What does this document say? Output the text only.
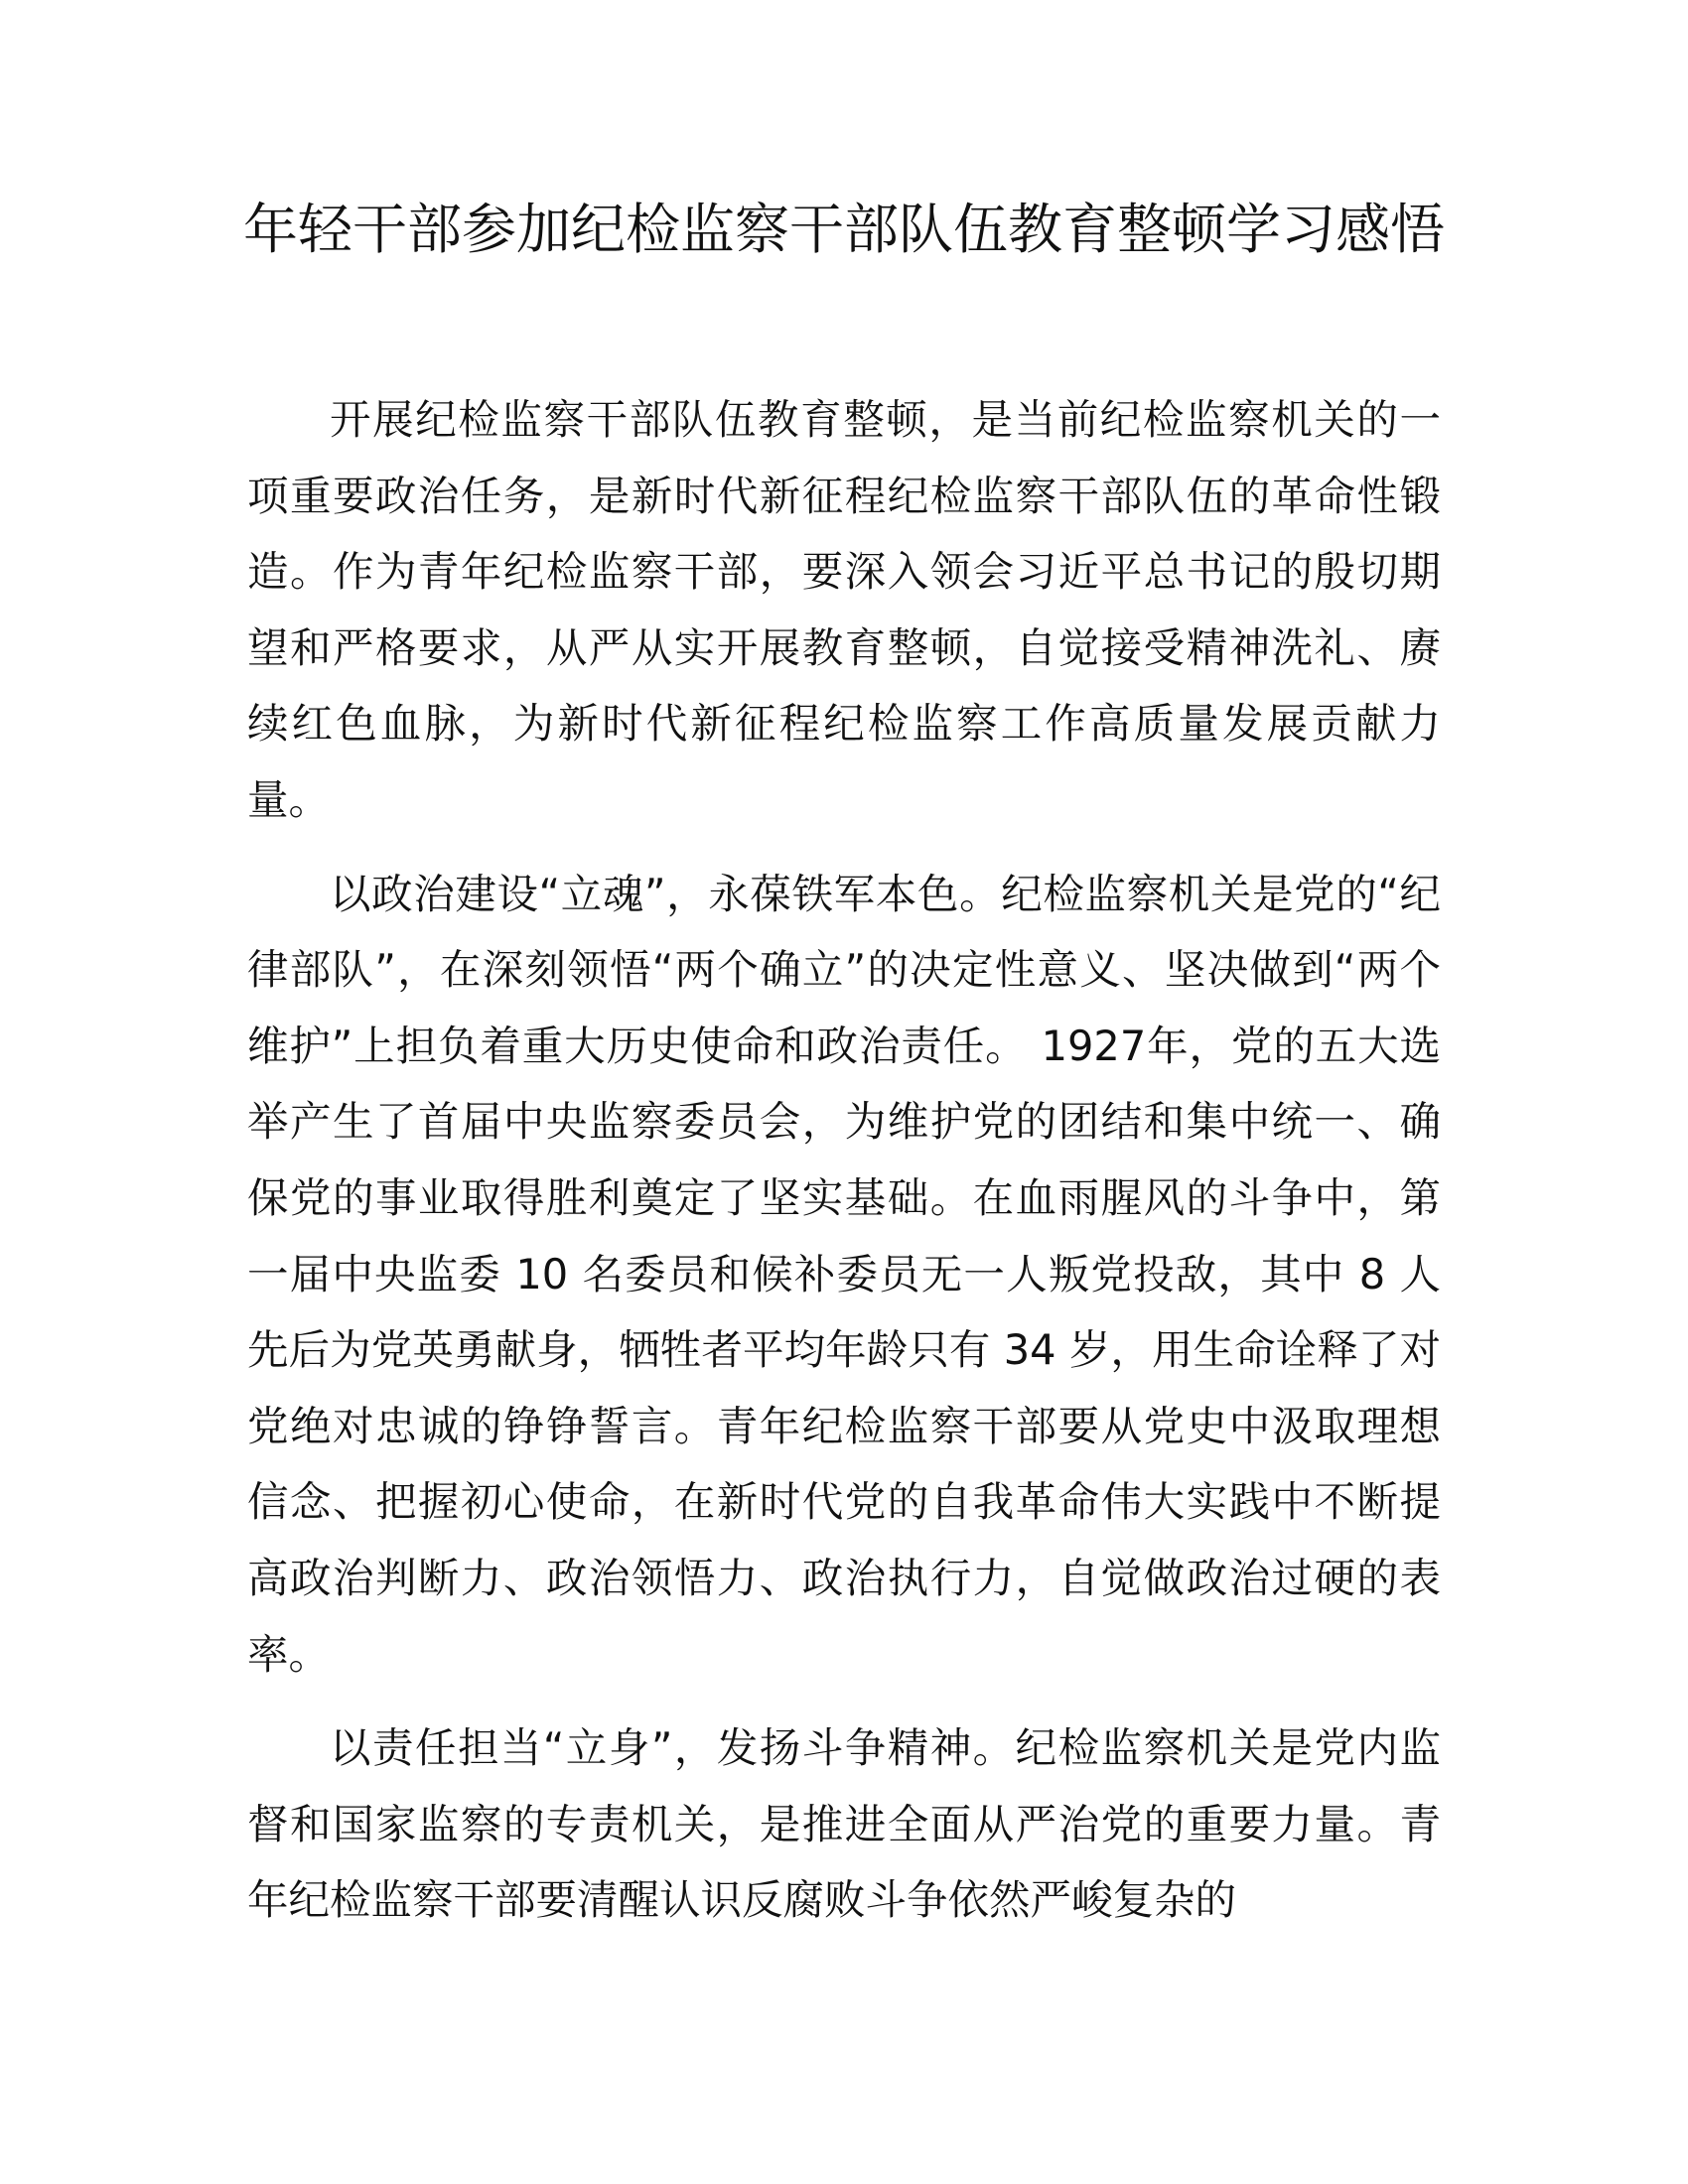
年轻干部参加纪检监察干部队伍教育整顿学习感悟

开展纪检监察干部队伍教育整顿，是当前纪检监察机关的一项重要政治任务，是新时代新征程纪检监察干部队伍的革命性锻造。作为青年纪检监察干部，要深入领会习近平总书记的殷切期望和严格要求，从严从实开展教育整顿，自觉接受精神洗礼、赓续红色血脉，为新时代新征程纪检监察工作高质量发展贡献力量。

以政治建设“立魂”，永葆铁军本色。纪检监察机关是党的“纪律部队”，在深刻领悟“两个确立”的决定性意义、坚决做到“两个维护”上担负着重大历史使命和政治责任。 1927年，党的五大选举产生了首届中央监察委员会，为维护党的团结和集中统一、确保党的事业取得胜利奠定了坚实基础。在血雨腥风的斗争中，第一届中央监委 10 名委员和候补委员无一人叛党投敌，其中 8 人先后为党英勇献身，牺牲者平均年龄只有 34 岁，用生命诠释了对党绝对忠诚的铮铮誓言。青年纪检监察干部要从党史中汲取理想信念、把握初心使命，在新时代党的自我革命伟大实践中不断提高政治判断力、政治领悟力、政治执行力，自觉做政治过硬的表率。

以责任担当“立身”，发扬斗争精神。纪检监察机关是党内监督和国家监察的专责机关，是推进全面从严治党的重要力量。青年纪检监察干部要清醒认识反腐败斗争依然严峻复杂的
